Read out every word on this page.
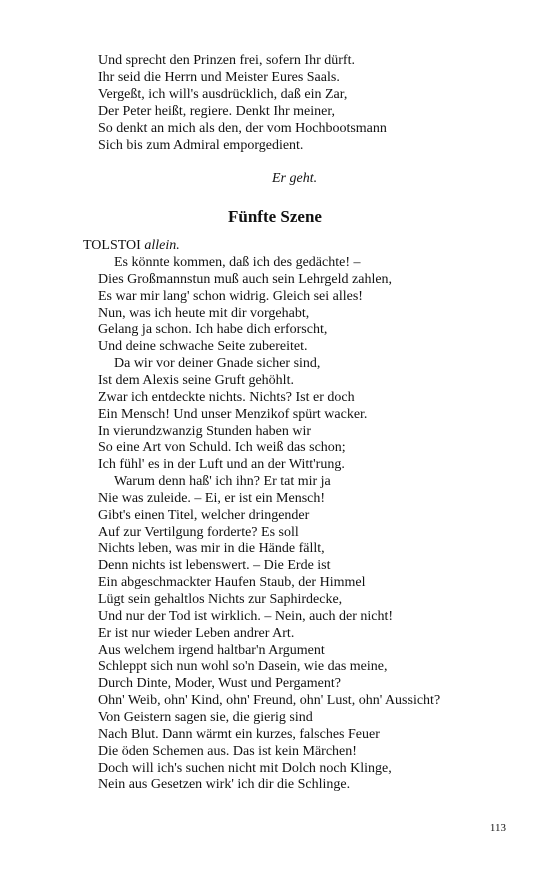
Und sprecht den Prinzen frei, sofern Ihr dürft.
Ihr seid die Herrn und Meister Eures Saals.
Vergeßt, ich will's ausdrücklich, daß ein Zar,
Der Peter heißt, regiere. Denkt Ihr meiner,
So denkt an mich als den, der vom Hochbootsmann
Sich bis zum Admiral emporgedient.
Er geht.
Fünfte Szene
TOLSTOI allein.
Es könnte kommen, daß ich des gedächte! –
Dies Großmannstun muß auch sein Lehrgeld zahlen,
Es war mir lang' schon widrig. Gleich sei alles!
Nun, was ich heute mit dir vorgehabt,
Gelang ja schon. Ich habe dich erforscht,
Und deine schwache Seite zubereitet.
Da wir vor deiner Gnade sicher sind,
Ist dem Alexis seine Gruft gehöhlt.
Zwar ich entdeckte nichts. Nichts? Ist er doch
Ein Mensch! Und unser Menzikof spürt wacker.
In vierundzwanzig Stunden haben wir
So eine Art von Schuld. Ich weiß das schon;
Ich fühl' es in der Luft und an der Witt'rung.
Warum denn haß' ich ihn? Er tat mir ja
Nie was zuleide. – Ei, er ist ein Mensch!
Gibt's einen Titel, welcher dringender
Auf zur Vertilgung forderte? Es soll
Nichts leben, was mir in die Hände fällt,
Denn nichts ist lebenswert. – Die Erde ist
Ein abgeschmackter Haufen Staub, der Himmel
Lügt sein gehaltlos Nichts zur Saphirdecke,
Und nur der Tod ist wirklich. – Nein, auch der nicht!
Er ist nur wieder Leben andrer Art.
Aus welchem irgend haltbar'n Argument
Schleppt sich nun wohl so'n Dasein, wie das meine,
Durch Dinte, Moder, Wust und Pergament?
Ohn' Weib, ohn' Kind, ohn' Freund, ohn' Lust, ohn' Aussicht?
Von Geistern sagen sie, die gierig sind
Nach Blut. Dann wärmt ein kurzes, falsches Feuer
Die öden Schemen aus. Das ist kein Märchen!
Doch will ich's suchen nicht mit Dolch noch Klinge,
Nein aus Gesetzen wirk' ich dir die Schlinge.
113
